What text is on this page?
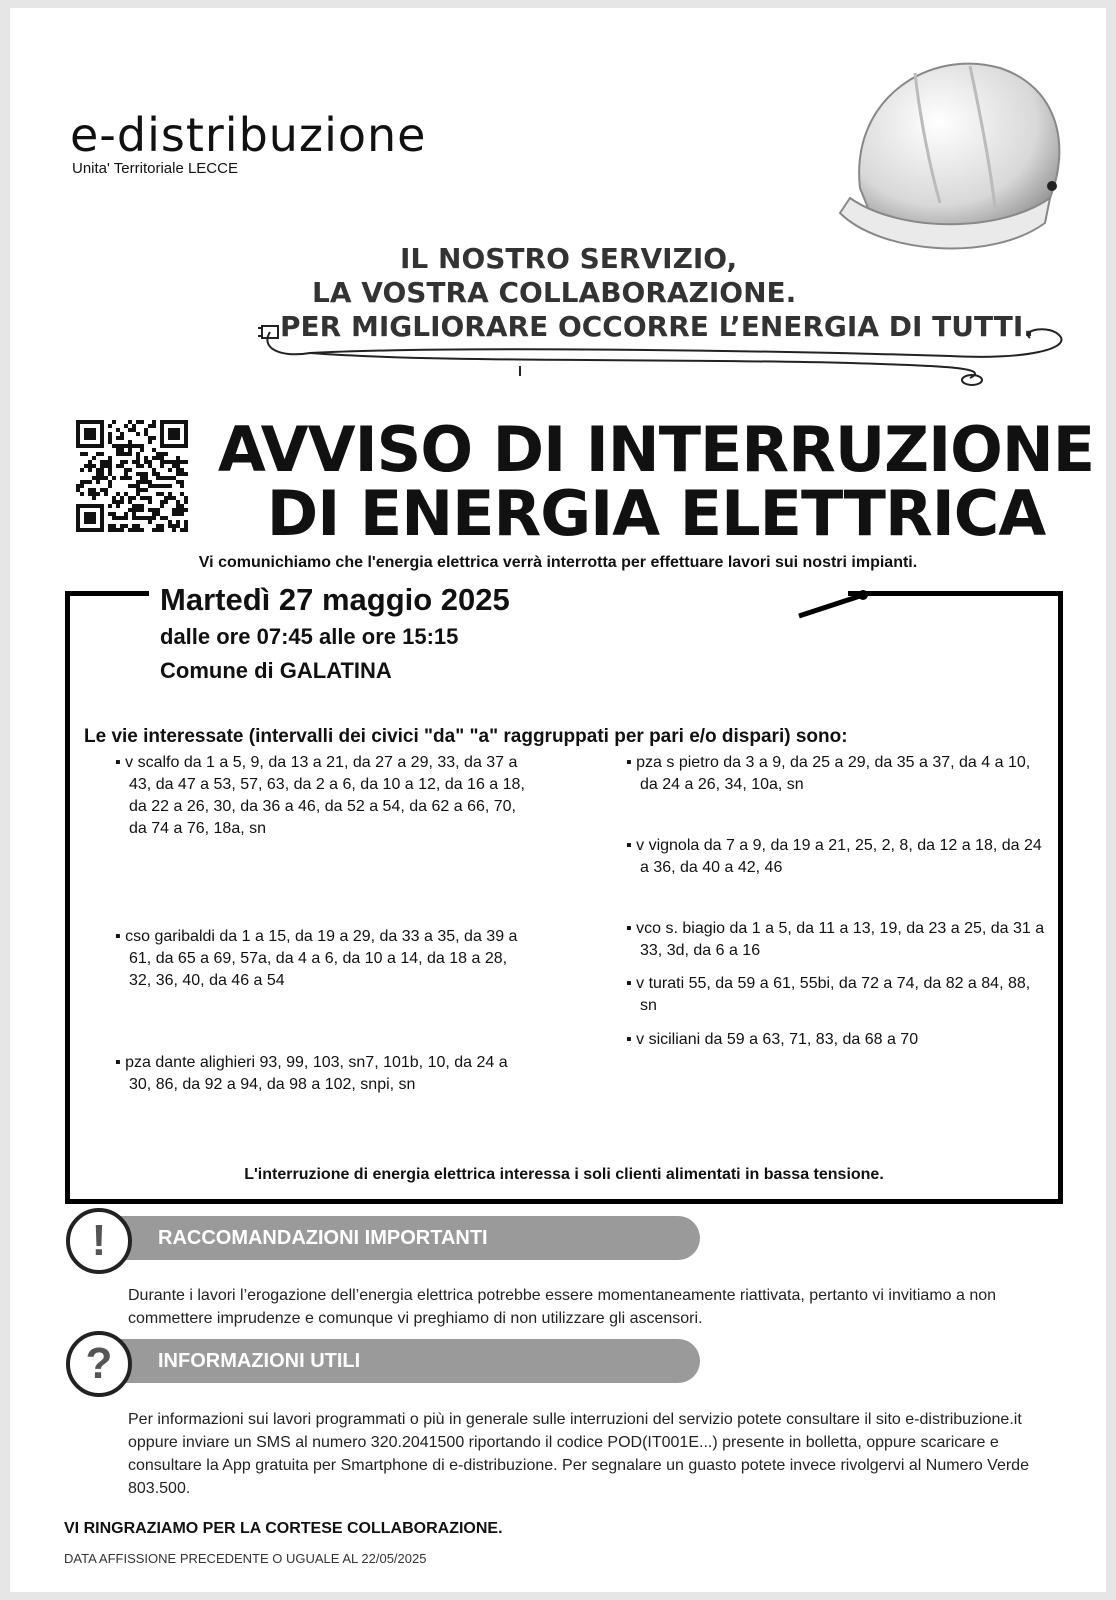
e-distribuzione
Unita' Territoriale LECCE
IL NOSTRO SERVIZIO,
LA VOSTRA COLLABORAZIONE.
PER MIGLIORARE OCCORRE L’ENERGIA DI TUTTI.
AVVISO DI INTERRUZIONE
DI ENERGIA ELETTRICA
Vi comunichiamo che l'energia elettrica verrà interrotta per effettuare lavori sui nostri impianti.
Martedì 27 maggio 2025
dalle ore 07:45 alle ore 15:15
Comune di GALATINA
Le vie interessate (intervalli dei civici "da" "a" raggruppati per pari e/o dispari) sono:
▪ v scalfo da 1 a 5, 9, da 13 a 21, da 27 a 29, 33, da 37 a 43, da 47 a 53, 57, 63, da 2 a 6, da 10 a 12, da 16 a 18, da 22 a 26, 30, da 36 a 46, da 52 a 54, da 62 a 66, 70, da 74 a 76, 18a, sn
▪ cso garibaldi da 1 a 15, da 19 a 29, da 33 a 35, da 39 a 61, da 65 a 69, 57a, da 4 a 6, da 10 a 14, da 18 a 28, 32, 36, 40, da 46 a 54
▪ pza dante alighieri 93, 99, 103, sn7, 101b, 10, da 24 a 30, 86, da 92 a 94, da 98 a 102, snpi, sn
▪ pza s pietro da 3 a 9, da 25 a 29, da 35 a 37, da 4 a 10, da 24 a 26, 34, 10a, sn
▪ v vignola da 7 a 9, da 19 a 21, 25, 2, 8, da 12 a 18, da 24 a 36, da 40 a 42, 46
▪ vco s. biagio da 1 a 5, da 11 a 13, 19, da 23 a 25, da 31 a 33, 3d, da 6 a 16
▪ v turati 55, da 59 a 61, 55bi, da 72 a 74, da 82 a 84, 88, sn
▪ v siciliani da 59 a 63, 71, 83, da 68 a 70
L'interruzione di energia elettrica interessa i soli clienti alimentati in bassa tensione.
RACCOMANDAZIONI IMPORTANTI
!
Durante i lavori l’erogazione dell’energia elettrica potrebbe essere momentaneamente riattivata, pertanto vi invitiamo a non commettere imprudenze e comunque vi preghiamo di non utilizzare gli ascensori.
INFORMAZIONI UTILI
?
Per informazioni sui lavori programmati o più in generale sulle interruzioni del servizio potete consultare il sito e-distribuzione.it oppure inviare un SMS al numero 320.2041500 riportando il codice POD(IT001E...) presente in bolletta, oppure scaricare e consultare la App gratuita per Smartphone di e-distribuzione. Per segnalare un guasto potete invece rivolgervi al Numero Verde 803.500.
VI RINGRAZIAMO PER LA CORTESE COLLABORAZIONE.
DATA AFFISSIONE PRECEDENTE O UGUALE AL 22/05/2025
